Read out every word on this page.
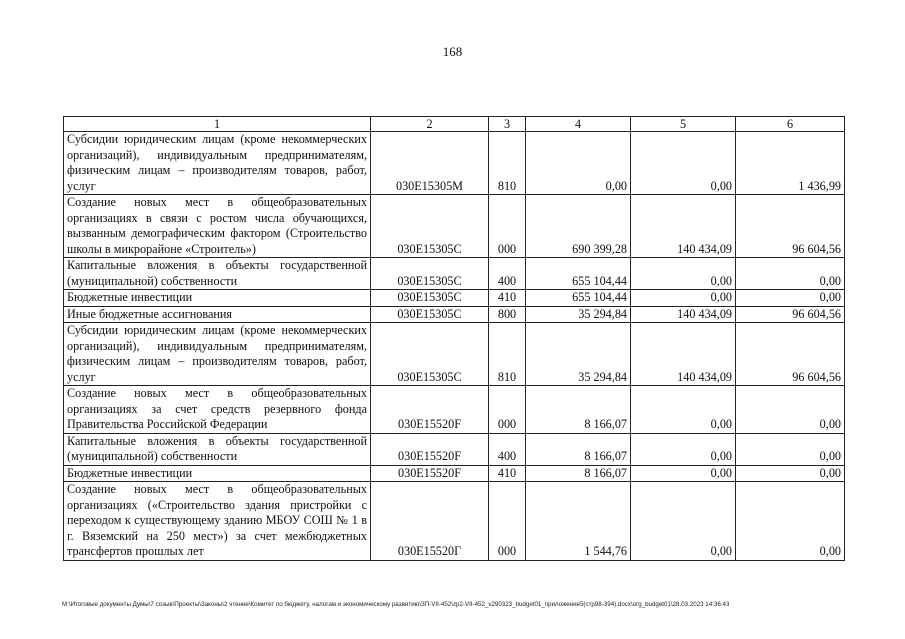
168
1	2	3	4	5	6
Субсидии юридическим лицам (кроме некоммерческих организаций), индивидуальным предпринимателям, физическим лицам – производителям товаров, работ, услуг	030E15305М	810	0,00	0,00	1 436,99
Создание новых мест в общеобразовательных организациях в связи с ростом числа обучающихся, вызванным демографическим фактором (Строительство школы в микрорайоне «Строитель»)	030E15305С	000	690 399,28	140 434,09	96 604,56
Капитальные вложения в объекты государственной (муниципальной) собственности	030E15305С	400	655 104,44	0,00	0,00
Бюджетные инвестиции	030E15305С	410	655 104,44	0,00	0,00
Иные бюджетные ассигнования	030E15305С	800	35 294,84	140 434,09	96 604,56
Субсидии юридическим лицам (кроме некоммерческих организаций), индивидуальным предпринимателям, физическим лицам – производителям товаров, работ, услуг	030E15305С	810	35 294,84	140 434,09	96 604,56
Создание новых мест в общеобразовательных организациях за счет средств резервного фонда Правительства Российской Федерации	030E15520F	000	8 166,07	0,00	0,00
Капитальные вложения в объекты государственной (муниципальной) собственности	030E15520F	400	8 166,07	0,00	0,00
Бюджетные инвестиции	030E15520F	410	8 166,07	0,00	0,00
Создание новых мест в общеобразовательных организациях («Строительство здания пристройки с переходом к существующему зданию МБОУ СОШ № 1 в г. Вяземский на 250 мест») за счет межбюджетных трансфертов прошлых лет	030E15520Г	000	1 544,76	0,00	0,00
M:\Итоговые документы Думы\7 созыв\Проекты\Законы\2 чтение\Комитет по бюджету, налогам и экономическому развитию\ЗП-VII-452\zp2-VII-452_v290323_budget01_приложение5(стр98-394).docx\org_budget01\28.03.2023 14:36:43
